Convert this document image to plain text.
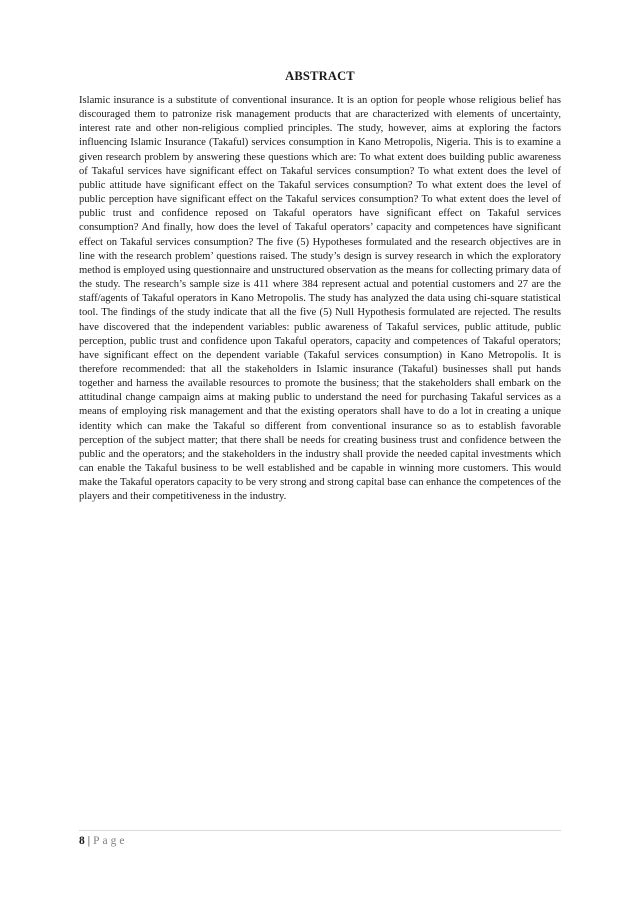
ABSTRACT

Islamic insurance is a substitute of conventional insurance. It is an option for people whose religious belief has discouraged them to patronize risk management products that are characterized with elements of uncertainty, interest rate and other non-religious complied principles. The study, however, aims at exploring the factors influencing Islamic Insurance (Takaful) services consumption in Kano Metropolis, Nigeria. This is to examine a given research problem by answering these questions which are: To what extent does building public awareness of Takaful services have significant effect on Takaful services consumption? To what extent does the level of public attitude have significant effect on the Takaful services consumption? To what extent does the level of public perception have significant effect on the Takaful services consumption? To what extent does the level of public trust and confidence reposed on Takaful operators have significant effect on Takaful services consumption? And finally, how does the level of Takaful operators’ capacity and competences have significant effect on Takaful services consumption? The five (5) Hypotheses formulated and the research objectives are in line with the research problem’ questions raised. The study’s design is survey research in which the exploratory method is employed using questionnaire and unstructured observation as the means for collecting primary data of the study. The research’s sample size is 411 where 384 represent actual and potential customers and 27 are the staff/agents of Takaful operators in Kano Metropolis. The study has analyzed the data using chi-square statistical tool. The findings of the study indicate that all the five (5) Null Hypothesis formulated are rejected. The results have discovered that the independent variables: public awareness of Takaful services, public attitude, public perception, public trust and confidence upon Takaful operators, capacity and competences of Takaful operators; have significant effect on the dependent variable (Takaful services consumption) in Kano Metropolis. It is therefore recommended: that all the stakeholders in Islamic insurance (Takaful) businesses shall put hands together and harness the available resources to promote the business; that the stakeholders shall embark on the attitudinal change campaign aims at making public to understand the need for purchasing Takaful services as a means of employing risk management and that the existing operators shall have to do a lot in creating a unique identity which can make the Takaful so different from conventional insurance so as to establish favorable perception of the subject matter; that there shall be needs for creating business trust and confidence between the public and the operators; and the stakeholders in the industry shall provide the needed capital investments which can enable the Takaful business to be well established and be capable in winning more customers. This would make the Takaful operators capacity to be very strong and strong capital base can enhance the competences of the players and their competitiveness in the industry.

8 | Page
